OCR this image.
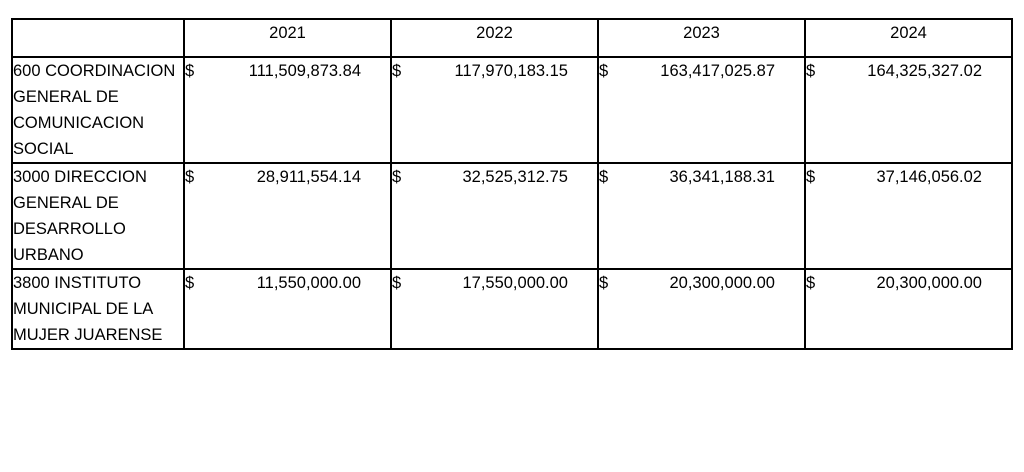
	2021	2022	2023	2024
600 COORDINACION GENERAL DE COMUNICACION SOCIAL	$ 111,509,873.84	$ 117,970,183.15	$ 163,417,025.87	$ 164,325,327.02

3000 DIRECCION GENERAL DE DESARROLLO URBANO	$ 28,911,554.14	$ 32,525,312.75	$ 36,341,188.31	$ 37,146,056.02

3800 INSTITUTO MUNICIPAL DE LA MUJER JUARENSE	$ 11,550,000.00	$ 17,550,000.00	$ 20,300,000.00	$ 20,300,000.00
